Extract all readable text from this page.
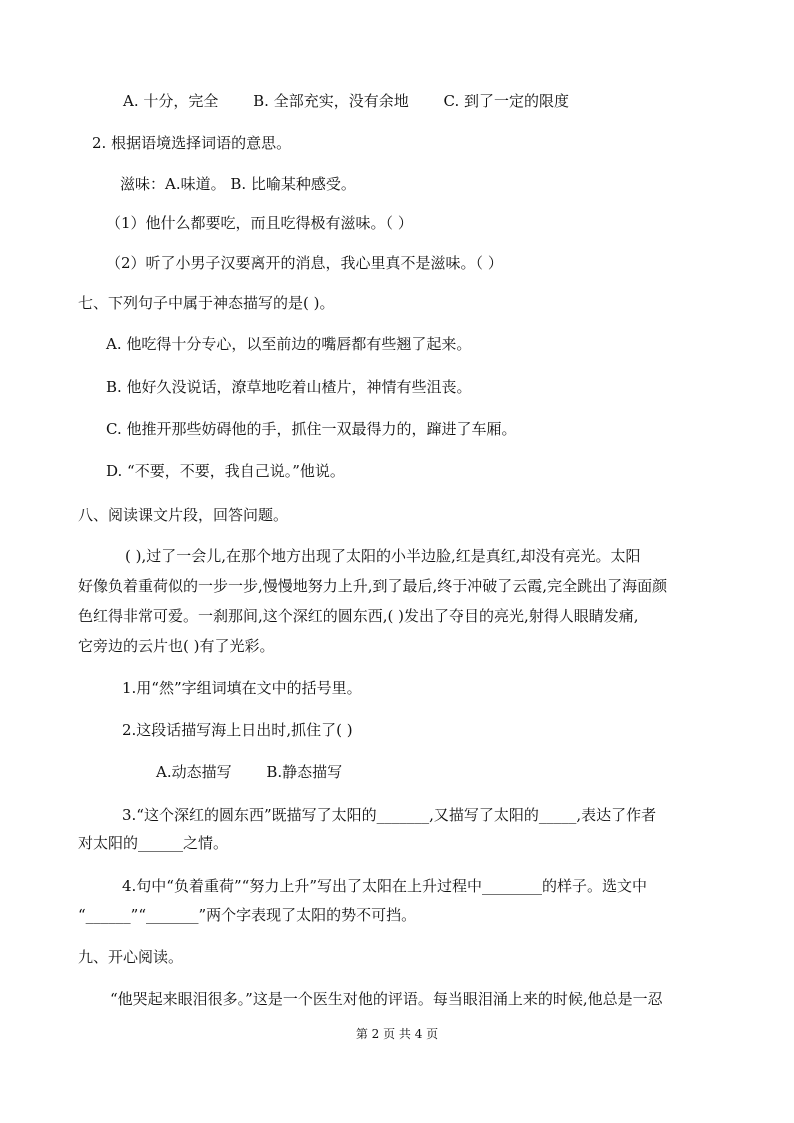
A. 十分，完全 B. 全部充实，没有余地 C. 到了一定的限度
2. 根据语境选择词语的意思。
滋味：A.味道。 B. 比喻某种感受。
（1）他什么都要吃，而且吃得极有滋味。（ ）
（2）听了小男子汉要离开的消息，我心里真不是滋味。（ ）
七、下列句子中属于神态描写的是( )。
A. 他吃得十分专心，以至前边的嘴唇都有些翘了起来。
B. 他好久没说话，潦草地吃着山楂片，神情有些沮丧。
C. 他推开那些妨碍他的手，抓住一双最得力的，蹿进了车厢。
D. “不要，不要，我自己说。”他说。
八、阅读课文片段，回答问题。
( ),过了一会儿,在那个地方出现了太阳的小半边脸,红是真红,却没有亮光。太阳
好像负着重荷似的一步一步,慢慢地努力上升,到了最后,终于冲破了云霞,完全跳出了海面颜
色红得非常可爱。一刹那间,这个深红的圆东西,( )发出了夺目的亮光,射得人眼睛发痛,
它旁边的云片也( )有了光彩。
1.用“然”字组词填在文中的括号里。
2.这段话描写海上日出时,抓住了( )
A.动态描写 B.静态描写
3.“这个深红的圆东西”既描写了太阳的_______,又描写了太阳的_____,表达了作者
对太阳的______之情。
4.句中“负着重荷”“努力上升”写出了太阳在上升过程中________的样子。选文中
“______”“_______”两个字表现了太阳的势不可挡。
九、开心阅读。
“他哭起来眼泪很多。”这是一个医生对他的评语。每当眼泪涌上来的时候,他总是一忍
第 2 页 共 4 页
